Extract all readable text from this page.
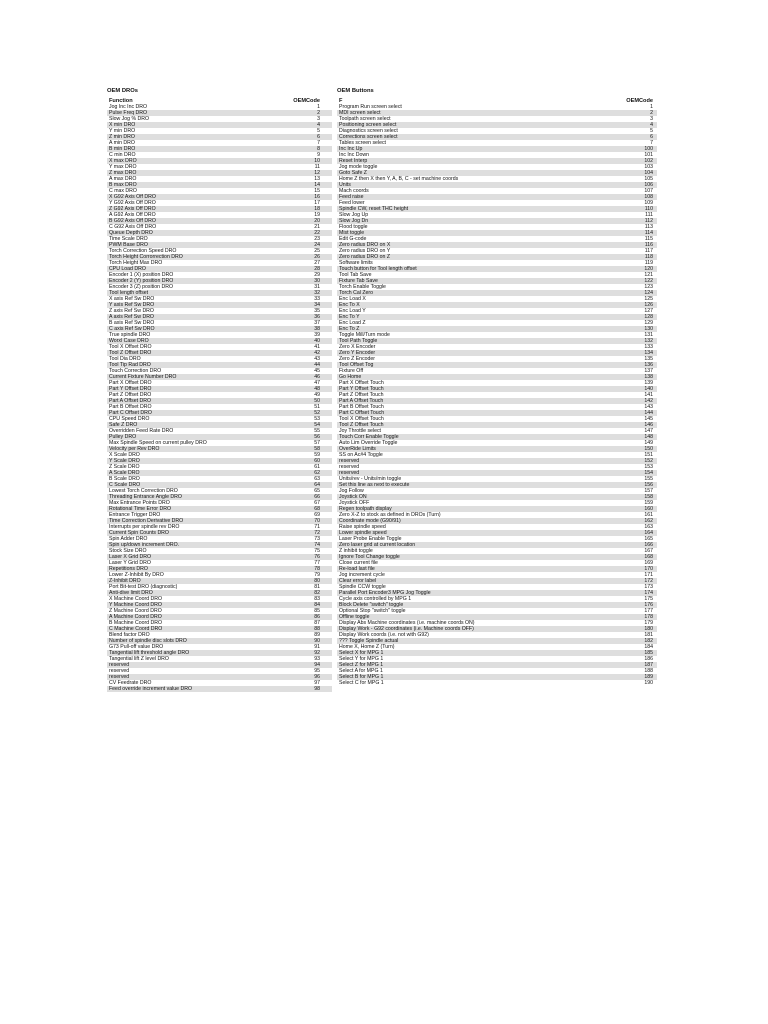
OEM DROs	OEM Buttons
Function	OEMCode
Jog Inc Inc DRO	1
Pulse Freq DRO	2
Slow Jog % DRO	3
X min DRO	4
Y min DRO	5
Z min DRO	6
A min DRO	7
B min DRO	8
C min DRO	9
X max DRO	10
Y max DRO	11
Z max DRO	12
A max DRO	13
B max DRO	14
C max DRO	15
X G92 Axis Off DRO	16
Y G92 Axis Off DRO	17
Z G92 Axis Off DRO	18
A G92 Axis Off DRO	19
B G92 Axis Off DRO	20
C G92 Axis Off DRO	21
Queue Depth DRO	22
Time Scale DRO	23
PWM Base DRO	24
Torch Correction Speed DRO	25
Torch Height Corrorrection DRO	26
Torch Height Max DRO	27
CPU Load DRO	28
Encoder 1 (X) position DRO	29
Encoder 2 (Y) position DRO	30
Encoder 3 (Z) position DRO	31
Tool length offset	32
X axis Ref Sw DRO	33
Y axis Ref Sw DRO	34
Z axis Ref Sw DRO	35
A axis Ref Sw DRO	36
B axis Ref Sw DRO	37
C axis Ref Sw DRO	38
True spindle DRO	39
Worxl Case DRO	40
Tool X Offset DRO	41
Tool Z Offset DRO	42
Tool Dia DRO	43
Tool Tip Rad DRO	44
Touch Correction DRO	45
Current Fixture Number DRO	46
Part X Offset DRO	47
Part Y Offset DRO	48
Part Z Offset DRO	49
Part A Offset DRO	50
Part B Offset DRO	51
Part C Offset DRO	52
CPU Speed DRO	53
Safe Z DRO	54
Overridden Feed Rate DRO	55
Pulley DRO	56
Max Spindle Speed on current pulley DRO	57
Velocity per Rev DRO	58
X Scale DRO	59
Y Scale DRO	60
Z Scale DRO	61
A Scale DRO	62
B Scale DRO	63
C Scale DRO	64
Lowest Torch Correction DRO	65
Threading Entrance Angle DRO	66
Max Entrance Points DRO	67
Rotational Time Error DRO	68
Entrance Trigger DRO	69
Time Correction Derivative DRO	70
Interrupts per spindle rev DRO	71
Current Spin Counts DRO	72
Spin Adder DRO	73
Spin up/down increment DRO.	74
Stock Size DRO	75
Laser X Grid DRO	76
Laser Y Grid DRO	77
Repetitions DRO	78
Lower Z-Inhibit By DRO	79
Z-Inhibit DRO	80
Port Bit-test DRO (diagnostic)	81
Anti-dive limit DRO	82
X Machine Coord DRO	83
Y Machine Coord DRO	84
Z Machine Coord DRO	85
A Machine Coord DRO	86
B Machine Coord DRO	87
C Machine Coord DRO	88
Blend factor DRO	89
Number of spindle disc slots DRO	90
G73 Pull-off value DRO	91
Tangential lift threshold angle DRO	92
Tangential lift Z level DRO	93
reserved	94
reserved	95
reserved	96
CV Feedrate DRO	97
Feed override increment value DRO	98
F	OEMCode
Program Run screen select	1
MDI screen select	2
Toolpath screen select	3
Positioning screen select	4
Diagnostics screen select	5
Corrections screen select	6
Tables screen select	7
Inc Inc Up	100
Inc Inc Down	101
Reset Interp	102
Jog mode toggle	103
Goto Safe Z	104
Home Z then X then Y, A, B, C - set machine coords	105
Units	106
Mach coords	107
Feed raise	108
Feed lower	109
Spindle CW, reset THC height	110
Slow Jog Up	111
Slow Jog Dn	112
Flood toggle	113
Mist toggle	114
Edit G-code	115
Zero radius DRO on X	116
Zero radius DRO on Y	117
Zero radius DRO on Z	118
Software limits	119
Touch button for Tool length offset	120
Tool Tab Save	121
Fixture Tab Save	122
Torch Enable Toggle	123
Torch Cal Zero	124
Enc Load X	125
Enc To X	126
Enc Load Y	127
Enc To Y	128
Enc Load Z	129
Enc To Z	130
Toggle Mill/Turn mode	131
Tool Path Toggle	132
Zero X Encoder	133
Zero Y Encoder	134
Zero Z Encoder	135
Tool Offset Tog	136
Fixture Off	137
Go Home	138
Part X Offset Touch	139
Part Y Offset Touch	140
Part Z Offset Touch	141
Part A Offset Touch	142
Part B Offset Touch	143
Part C Offset Touch	144
Tool X Offset Touch	145
Tool Z Offset Touch	146
Joy Throttle select	147
Touch Corr Enable Toggle	148
Auto Lim Override Toggle	149
OverRide Limits	150
SS on Ac#4 Toggle	151
reserved	152
reserved	153
reserved	154
Units/rev - Units/min toggle	155
Set this line as next to execute	156
Jog Follow	157
Joystick ON	158
Joystick OFF	159
Regen toolpath display	160
Zero X-Z to stock as defined in DROs (Turn)	161
Coordinate mode (G90/91)	162
Raise spindle speed	163
Lower spindle speed	164
Laser Probe Enable Toggle	165
Zero laser grid at current location	166
Z inhibit toggle	167
Ignore Tool Change toggle	168
Close current file	169
Re-load last file	170
Jog increment cycle	171
Clear error label	172
Spindle CCW toggle	173
Parallel Port Encoder3 MPG Jog Toggle	174
Cycle axis controlled by MPG 1	175
Block Delete "switch" toggle	176
Optional Stop "switch" toggle	177
Offline toggle	178
Display Abs Machine coordinates (i.e. machine coords ON)	179
Display Work - G92 coordinates (i.e. Machine coords OFF)	180
Display Work coords (i.e. not with G92)	181
??? Toggle Spindle actual	182
Home X, Home Z (Turn)	184
Select X for MPG 1	185
Select Y for MPG 1	186
Select Z for MPG 1	187
Select A for MPG 1	188
Select B for MPG 1	189
Select C for MPG 1	190
